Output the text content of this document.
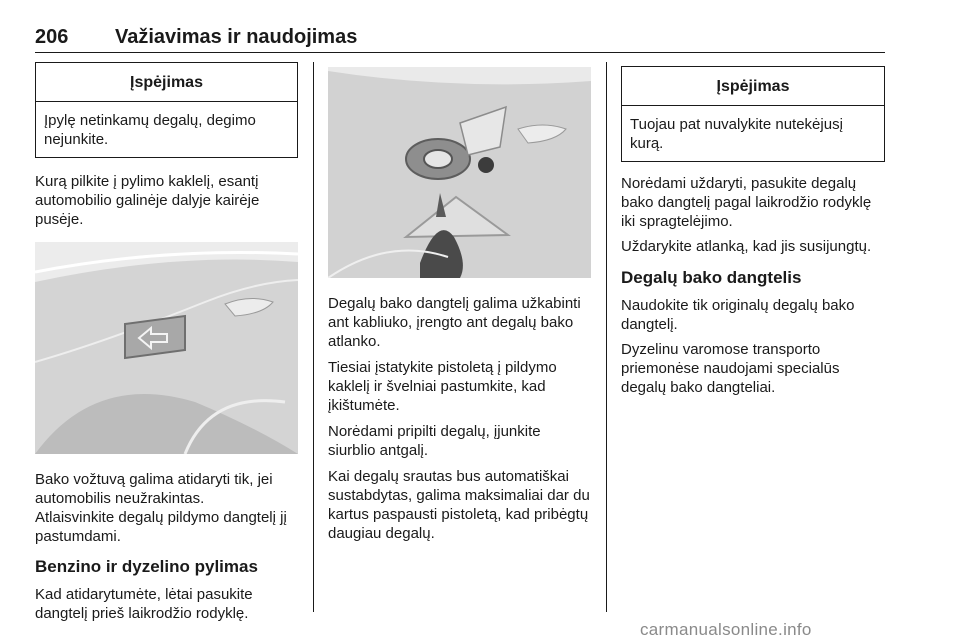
206 Važiavimas ir naudojimas
Įspėjimas
Įpylę netinkamų degalų, degimo nejunkite.

Kurą pilkite į pylimo kaklelį, esantį automobilio galinėje dalyje kairėje pusėje.

Bako vožtuvą galima atidaryti tik, jei automobilis neužrakintas.

Atlaisvinkite degalų pildymo dangtelį jį pastumdami.

Benzino ir dyzelino pylimas

Kad atidarytumėte, lėtai pasukite dangtelį prieš laikrodžio rodyklę.

Degalų bako dangtelį galima užkabinti ant kabliuko, įrengto ant degalų bako atlanko.

Tiesiai įstatykite pistoletą į pildymo kaklelį ir švelniai pastumkite, kad įkištumėte.

Norėdami pripilti degalų, įjunkite siurblio antgalį.

Kai degalų srautas bus automatiškai sustabdytas, galima maksimaliai dar du kartus paspausti pistoletą, kad pribėgtų daugiau degalų.

Įspėjimas
Tuojau pat nuvalykite nutekėjusį kurą.

Norėdami uždaryti, pasukite degalų bako dangtelį pagal laikrodžio rodyklę iki spragtelėjimo.

Uždarykite atlanką, kad jis susijungtų.

Degalų bako dangtelis

Naudokite tik originalų degalų bako dangtelį.

Dyzelinu varomose transporto priemonėse naudojami specialūs degalų bako dangteliai.

carmanualsonline.info
